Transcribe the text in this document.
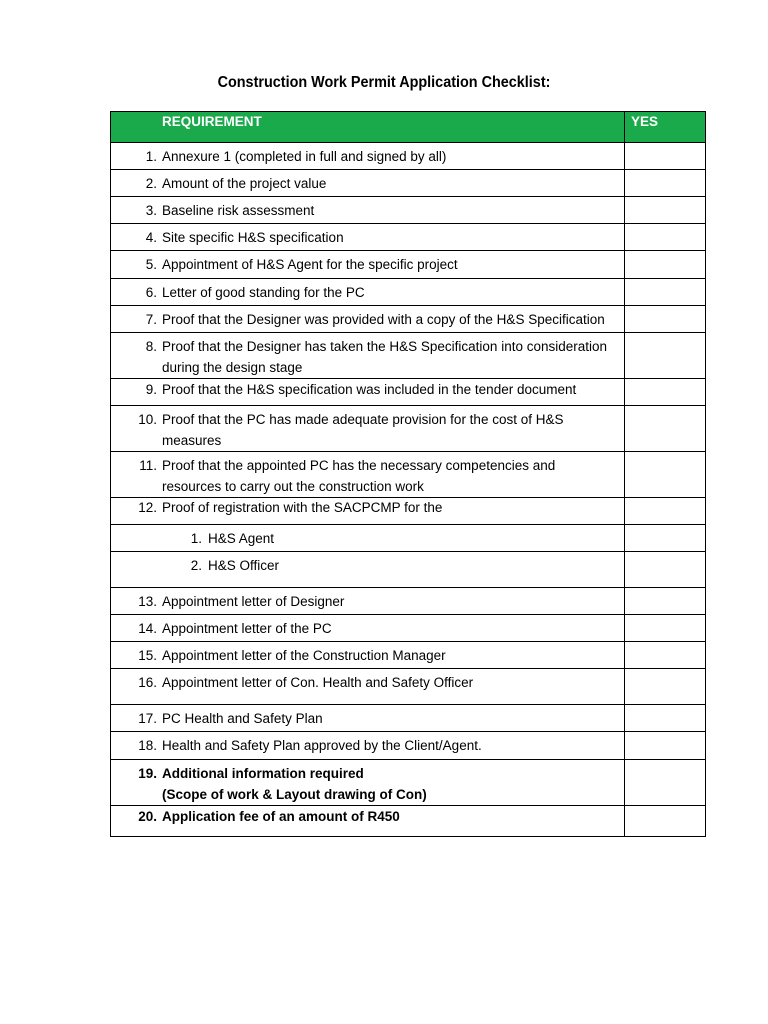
Construction Work Permit Application Checklist:
REQUIREMENT	YES

1. Annexure 1 (completed in full and signed by all)	

2. Amount of the project value	

3. Baseline risk assessment	

4. Site specific H&S specification	

5. Appointment of H&S Agent for the specific project	

6. Letter of good standing for the PC	

7. Proof that the Designer was provided with a copy of the H&S Specification	

8. Proof that the Designer has taken the H&S Specification into consideration during the design stage	

9. Proof that the H&S specification was included in the tender document	

10. Proof that the PC has made adequate provision for the cost of H&S measures	

11. Proof that the appointed PC has the necessary competencies and resources to carry out the construction work	

12. Proof of registration with the SACPCMP for the	

1. H&S Agent	

2. H&S Officer	

13. Appointment letter of Designer	

14. Appointment letter of the PC	

15. Appointment letter of the Construction Manager	

16. Appointment letter of Con. Health and Safety Officer	

17. PC Health and Safety Plan	

18. Health and Safety Plan approved by the Client/Agent.	

19. Additional information required
(Scope of work & Layout drawing of Con)	

20. Application fee of an amount of R450	
